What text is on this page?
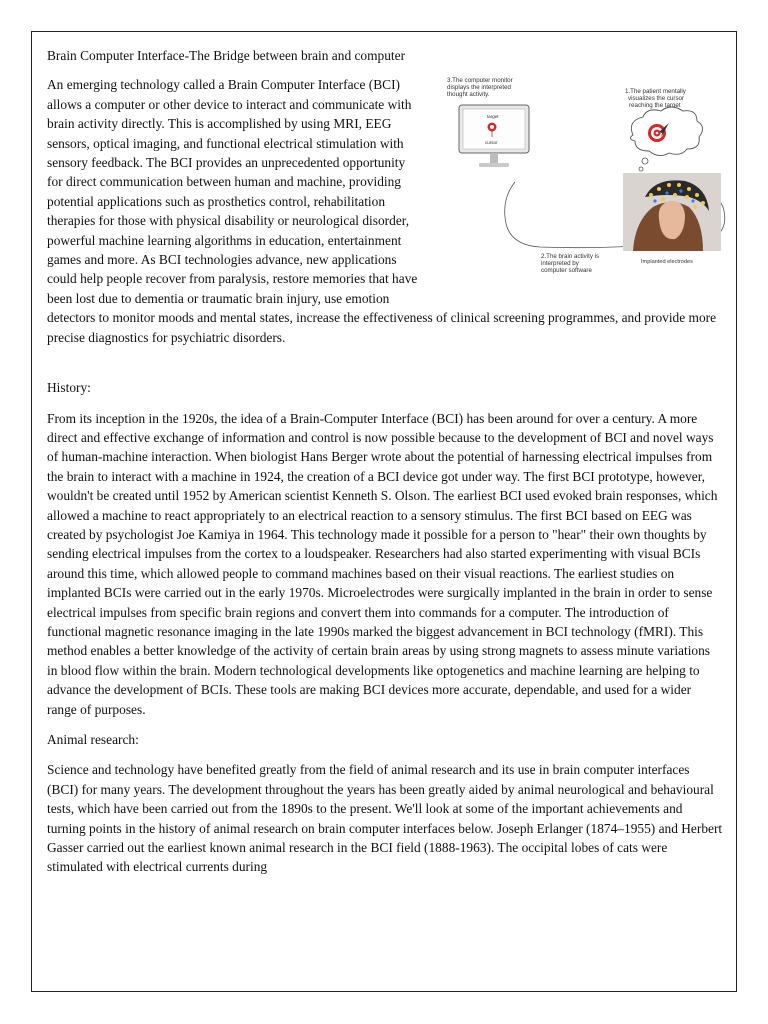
Brain Computer Interface-The Bridge between brain and computer
3.The computer monitor
displays the interpreted
thought activity.
target
cursor
1.The patient mentally
visualizes the cursor
reaching the target
Implanted electrodes
2.The brain activity is
interpreted by
computer software

An emerging technology called a Brain Computer Interface (BCI) allows a computer or other device to interact and communicate with brain activity directly. This is accomplished by using MRI, EEG sensors, optical imaging, and functional electrical stimulation with sensory feedback. The BCI provides an unprecedented opportunity for direct communication between human and machine, providing potential applications such as prosthetics control, rehabilitation therapies for those with physical disability or neurological disorder, powerful machine learning algorithms in education, entertainment games and more. As BCI technologies advance, new applications could help people recover from paralysis, restore memories that have been lost due to dementia or traumatic brain injury, use emotion detectors to monitor moods and mental states, increase the effectiveness of clinical screening programmes, and provide more precise diagnostics for psychiatric disorders.

History:

From its inception in the 1920s, the idea of a Brain-Computer Interface (BCI) has been around for over a century. A more direct and effective exchange of information and control is now possible because to the development of BCI and novel ways of human-machine interaction. When biologist Hans Berger wrote about the potential of harnessing electrical impulses from the brain to interact with a machine in 1924, the creation of a BCI device got under way. The first BCI prototype, however, wouldn't be created until 1952 by American scientist Kenneth S. Olson. The earliest BCI used evoked brain responses, which allowed a machine to react appropriately to an electrical reaction to a sensory stimulus. The first BCI based on EEG was created by psychologist Joe Kamiya in 1964. This technology made it possible for a person to "hear" their own thoughts by sending electrical impulses from the cortex to a loudspeaker. Researchers had also started experimenting with visual BCIs around this time, which allowed people to command machines based on their visual reactions. The earliest studies on implanted BCIs were carried out in the early 1970s. Microelectrodes were surgically implanted in the brain in order to sense electrical impulses from specific brain regions and convert them into commands for a computer. The introduction of functional magnetic resonance imaging in the late 1990s marked the biggest advancement in BCI technology (fMRI). This method enables a better knowledge of the activity of certain brain areas by using strong magnets to assess minute variations in blood flow within the brain. Modern technological developments like optogenetics and machine learning are helping to advance the development of BCIs. These tools are making BCI devices more accurate, dependable, and used for a wider range of purposes.

Animal research:

Science and technology have benefited greatly from the field of animal research and its use in brain computer interfaces (BCI) for many years. The development throughout the years has been greatly aided by animal neurological and behavioural tests, which have been carried out from the 1890s to the present. We'll look at some of the important achievements and turning points in the history of animal research on brain computer interfaces below. Joseph Erlanger (1874–1955) and Herbert Gasser carried out the earliest known animal research in the BCI field (1888-1963). The occipital lobes of cats were stimulated with electrical currents during
